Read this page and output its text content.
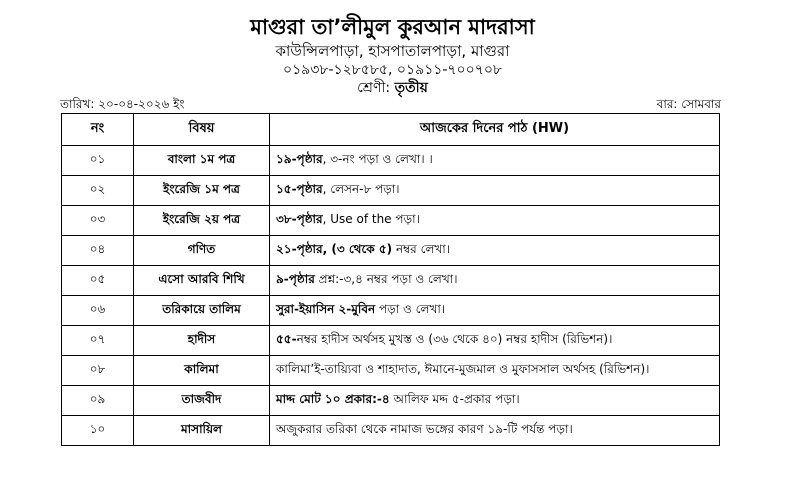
মাগুরা তা’লীমুল কুরআন মাদরাসা
কাউন্সিলপাড়া, হাসপাতালপাড়া, মাগুরা
০১৯৩৮-১২৮৫৮৫, ০১৯১১-৭০০৭০৮
শ্রেণী: তৃতীয়
তারিখ: ২০-০৪-২০২৬ ইং	বার: সোমবার
নং	বিষয়	আজকের দিনের পাঠ (HW)
০১	বাংলা ১ম পত্র	১৯-পৃষ্ঠার, ৩-নং পড়া ও লেখা। ।
০২	ইংরেজি ১ম পত্র	১৫-পৃষ্ঠার, লেসন-৮ পড়া।
০৩	ইংরেজি ২য় পত্র	৩৮-পৃষ্ঠার, Use of the পড়া।
০৪	গণিত	২১-পৃষ্ঠার, (৩ থেকে ৫) নম্বর লেখা।
০৫	এসো আরবি শিখি	৯-পৃষ্ঠার প্রশ্ন:-৩,৪ নম্বর পড়া ও লেখা।
০৬	তরিকায়ে তালিম	সুরা-ইয়াসিন ২-মুবিন পড়া ও লেখা।
০৭	হাদীস	৫৫-নম্বর হাদীস অর্থসহ মুখস্ত ও (৩৬ থেকে ৪০) নম্বর হাদীস (রিভিশন)।
০৮	কালিমা	কালিমা’ই-তায়্যিবা ও শাহাদাত, ঈমানে-মুজমাল ও মুফাসসাল অর্থসহ (রিভিশন)।
০৯	তাজবীদ	মাদ্দ মোট ১০ প্রকার:-৪ আলিফ মদ্দ ৫-প্রকার পড়া।
১০	মাসায়িল	অজুকরার তরিকা থেকে নামাজ ভঙ্গের কারণ ১৯-টি পর্যন্ত পড়া।
